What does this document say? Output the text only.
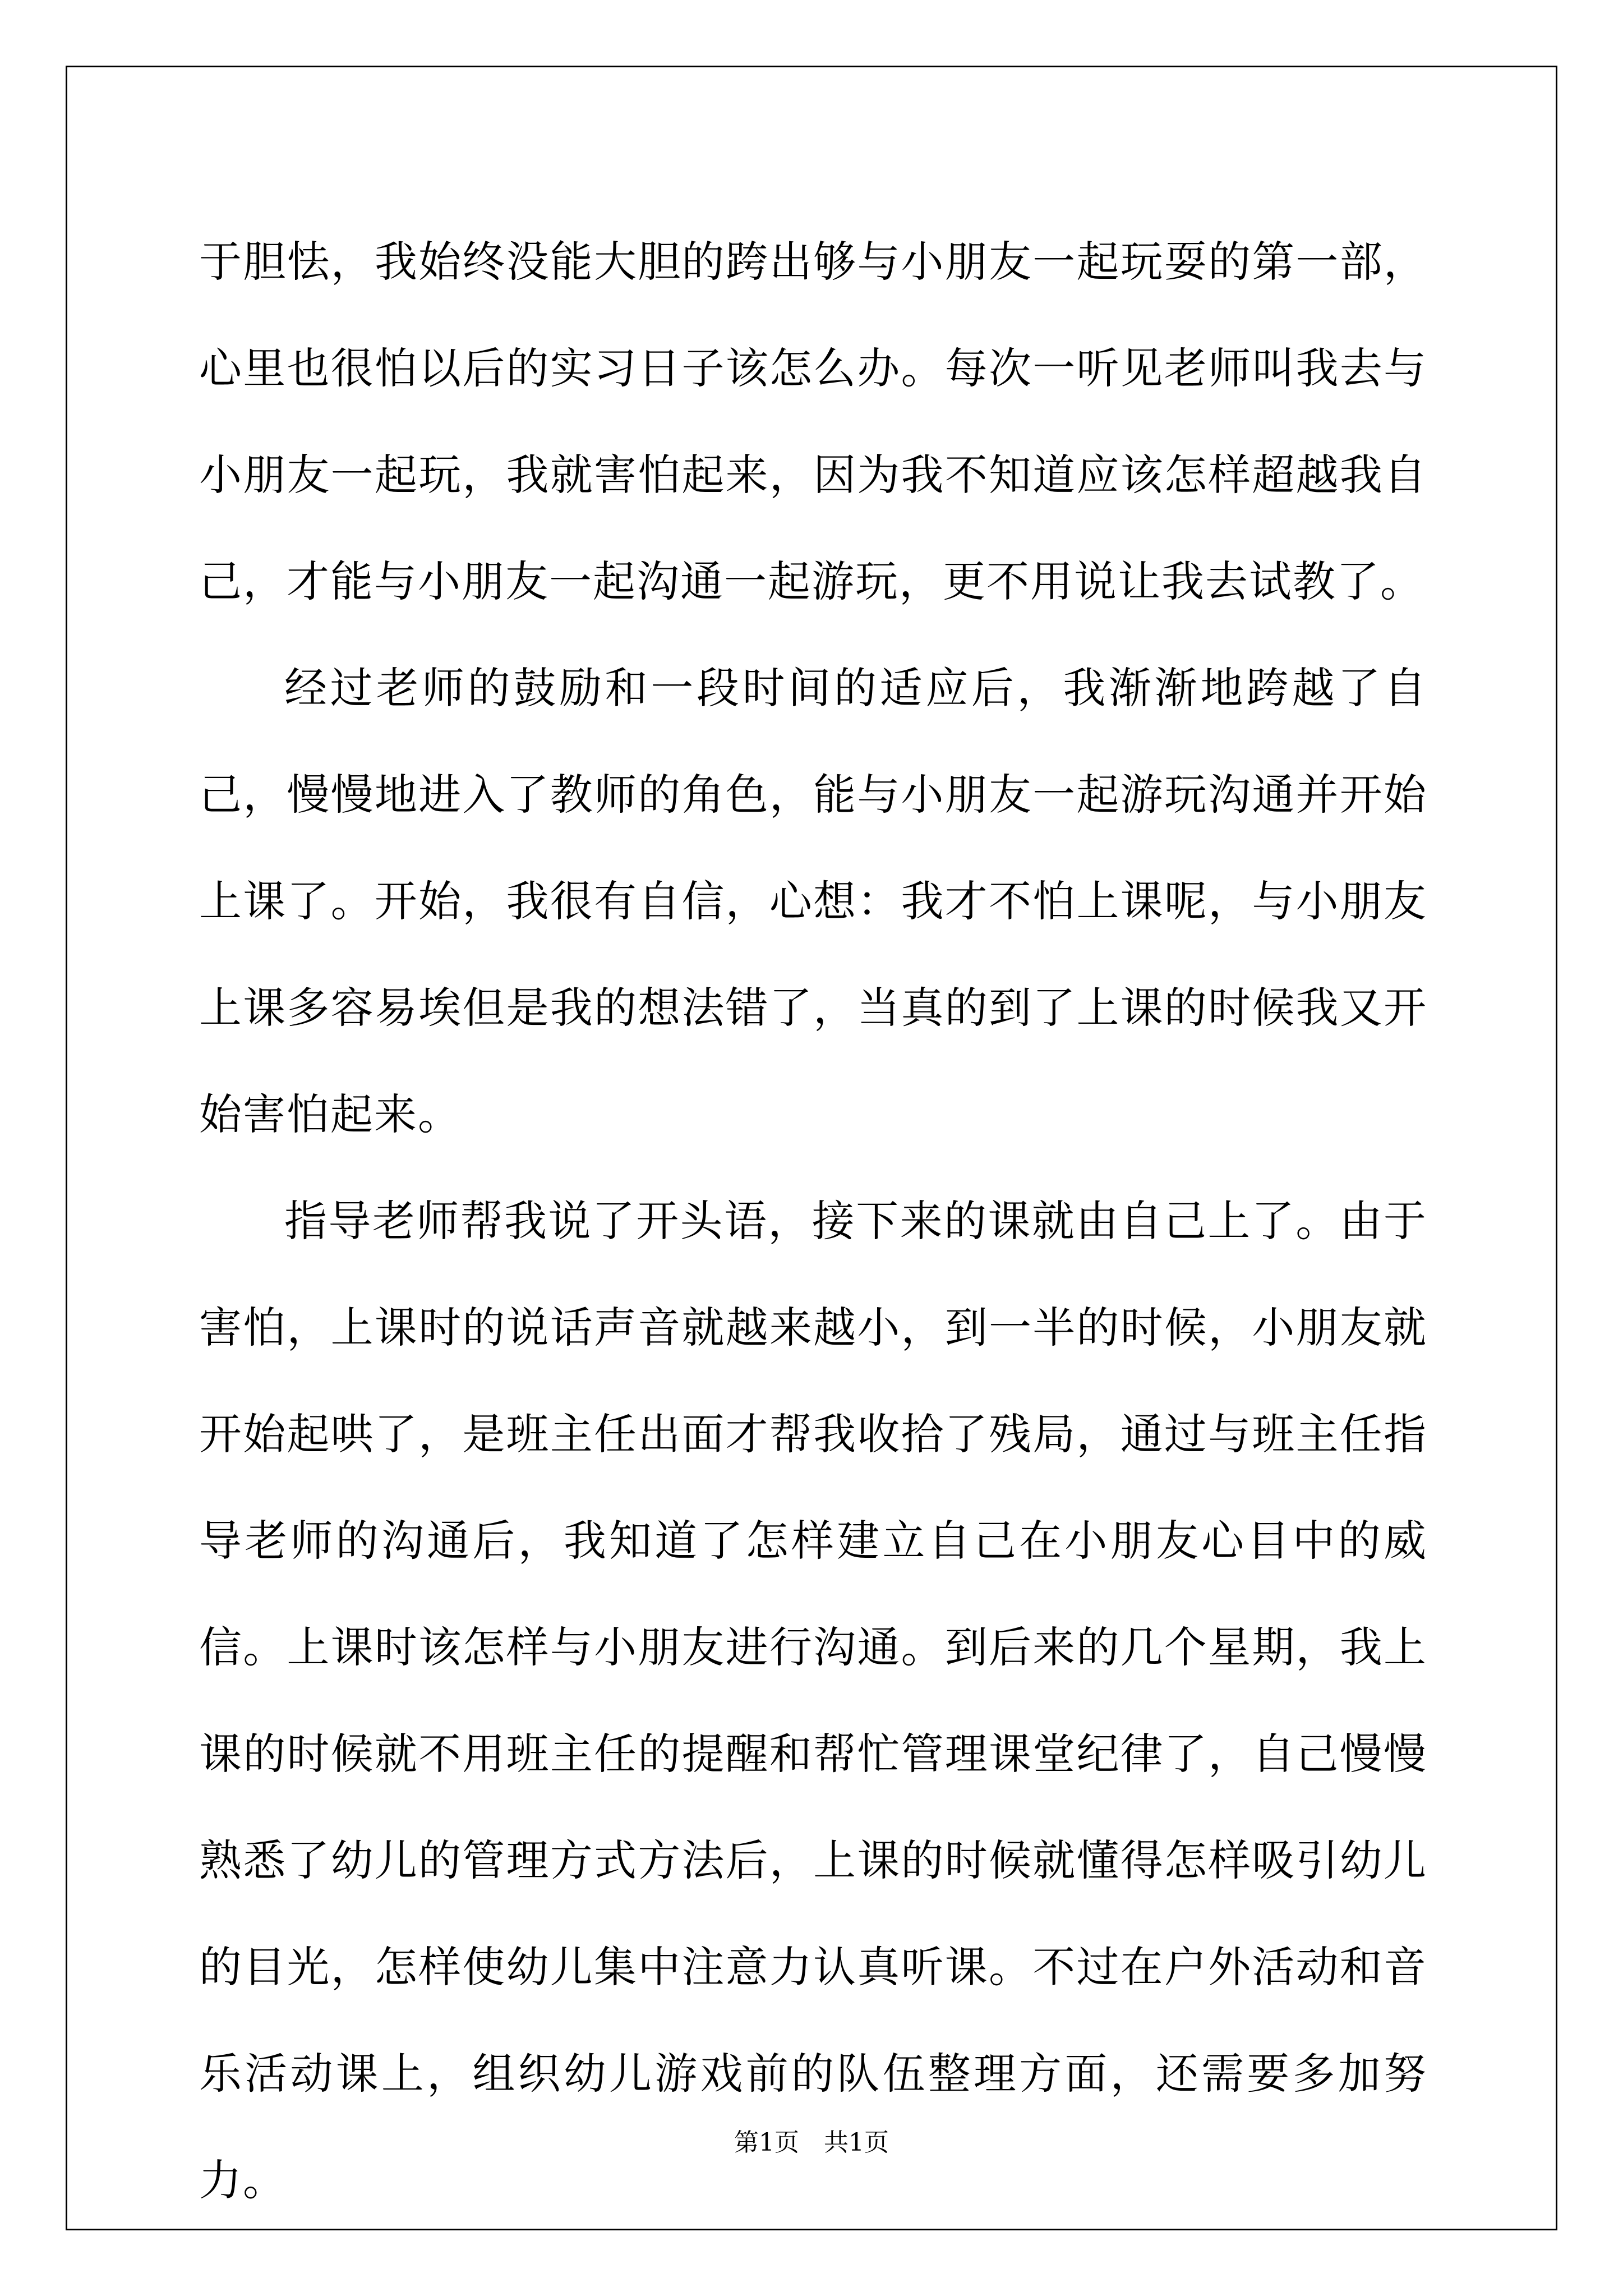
于胆怯，我始终没能大胆的跨出够与小朋友一起玩耍的第一部，心里也很怕以后的实习日子该怎么办。每次一听见老师叫我去与小朋友一起玩，我就害怕起来，因为我不知道应该怎样超越我自己，才能与小朋友一起沟通一起游玩，更不用说让我去试教了。

经过老师的鼓励和一段时间的适应后，我渐渐地跨越了自己，慢慢地进入了教师的角色，能与小朋友一起游玩沟通并开始上课了。开始，我很有自信，心想：我才不怕上课呢，与小朋友上课多容易埃但是我的想法错了，当真的到了上课的时候我又开始害怕起来。

指导老师帮我说了开头语，接下来的课就由自己上了。由于害怕，上课时的说话声音就越来越小，到一半的时候，小朋友就开始起哄了，是班主任出面才帮我收拾了残局，通过与班主任指导老师的沟通后，我知道了怎样建立自己在小朋友心目中的威信。上课时该怎样与小朋友进行沟通。到后来的几个星期，我上课的时候就不用班主任的提醒和帮忙管理课堂纪律了，自己慢慢熟悉了幼儿的管理方式方法后，上课的时候就懂得怎样吸引幼儿的目光，怎样使幼儿集中注意力认真听课。不过在户外活动和音乐活动课上，组织幼儿游戏前的队伍整理方面，还需要多加努力。

第1页 共1页
